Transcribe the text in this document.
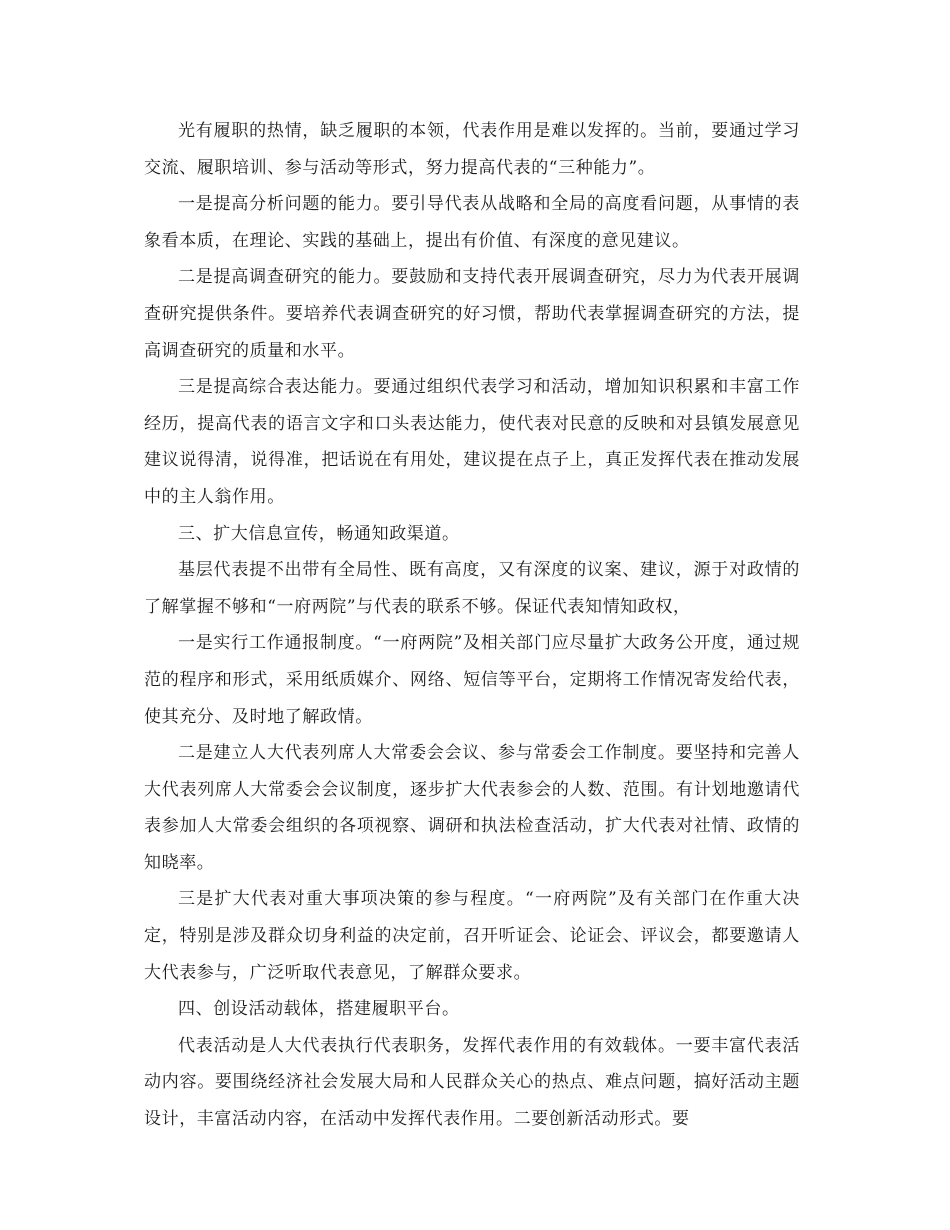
光有履职的热情，缺乏履职的本领，代表作用是难以发挥的。当前，要通过学习交流、履职培训、参与活动等形式，努力提高代表的“三种能力”。

一是提高分析问题的能力。要引导代表从战略和全局的高度看问题，从事情的表象看本质，在理论、实践的基础上，提出有价值、有深度的意见建议。

二是提高调查研究的能力。要鼓励和支持代表开展调查研究，尽力为代表开展调查研究提供条件。要培养代表调查研究的好习惯，帮助代表掌握调查研究的方法，提高调查研究的质量和水平。

三是提高综合表达能力。要通过组织代表学习和活动，增加知识积累和丰富工作经历，提高代表的语言文字和口头表达能力，使代表对民意的反映和对县镇发展意见建议说得清，说得准，把话说在有用处，建议提在点子上，真正发挥代表在推动发展中的主人翁作用。

三、扩大信息宣传，畅通知政渠道。

基层代表提不出带有全局性、既有高度，又有深度的议案、建议，源于对政情的了解掌握不够和“一府两院”与代表的联系不够。保证代表知情知政权，

一是实行工作通报制度。“一府两院”及相关部门应尽量扩大政务公开度，通过规范的程序和形式，采用纸质媒介、网络、短信等平台，定期将工作情况寄发给代表，使其充分、及时地了解政情。

二是建立人大代表列席人大常委会会议、参与常委会工作制度。要坚持和完善人大代表列席人大常委会会议制度，逐步扩大代表参会的人数、范围。有计划地邀请代表参加人大常委会组织的各项视察、调研和执法检查活动，扩大代表对社情、政情的知晓率。

三是扩大代表对重大事项决策的参与程度。“一府两院”及有关部门在作重大决定，特别是涉及群众切身利益的决定前，召开听证会、论证会、评议会，都要邀请人大代表参与，广泛听取代表意见，了解群众要求。

四、创设活动载体，搭建履职平台。

代表活动是人大代表执行代表职务，发挥代表作用的有效载体。一要丰富代表活动内容。要围绕经济社会发展大局和人民群众关心的热点、难点问题，搞好活动主题设计，丰富活动内容，在活动中发挥代表作用。二要创新活动形式。要
